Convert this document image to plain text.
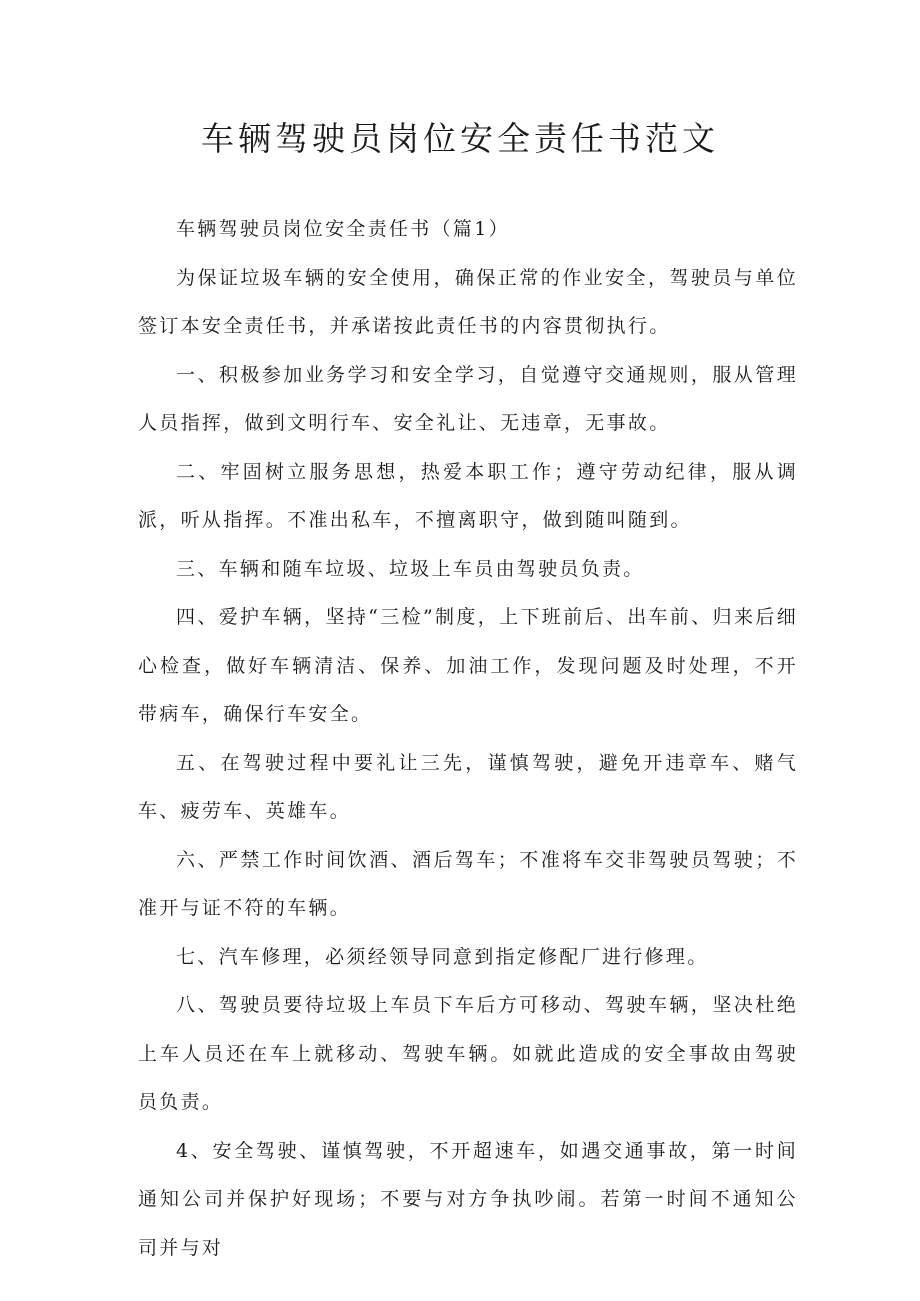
车辆驾驶员岗位安全责任书范文

车辆驾驶员岗位安全责任书（篇1）

为保证垃圾车辆的安全使用，确保正常的作业安全，驾驶员与单位签订本安全责任书，并承诺按此责任书的内容贯彻执行。

一、积极参加业务学习和安全学习，自觉遵守交通规则，服从管理人员指挥，做到文明行车、安全礼让、无违章，无事故。

二、牢固树立服务思想，热爱本职工作；遵守劳动纪律，服从调派，听从指挥。不准出私车，不擅离职守，做到随叫随到。

三、车辆和随车垃圾、垃圾上车员由驾驶员负责。

四、爱护车辆，坚持“三检”制度，上下班前后、出车前、归来后细心检查，做好车辆清洁、保养、加油工作，发现问题及时处理，不开带病车，确保行车安全。

五、在驾驶过程中要礼让三先，谨慎驾驶，避免开违章车、赌气车、疲劳车、英雄车。

六、严禁工作时间饮酒、酒后驾车；不准将车交非驾驶员驾驶；不准开与证不符的车辆。

七、汽车修理，必须经领导同意到指定修配厂进行修理。

八、驾驶员要待垃圾上车员下车后方可移动、驾驶车辆，坚决杜绝上车人员还在车上就移动、驾驶车辆。如就此造成的安全事故由驾驶员负责。

4、安全驾驶、谨慎驾驶，不开超速车，如遇交通事故，第一时间通知公司并保护好现场；不要与对方争执吵闹。若第一时间不通知公司并与对
